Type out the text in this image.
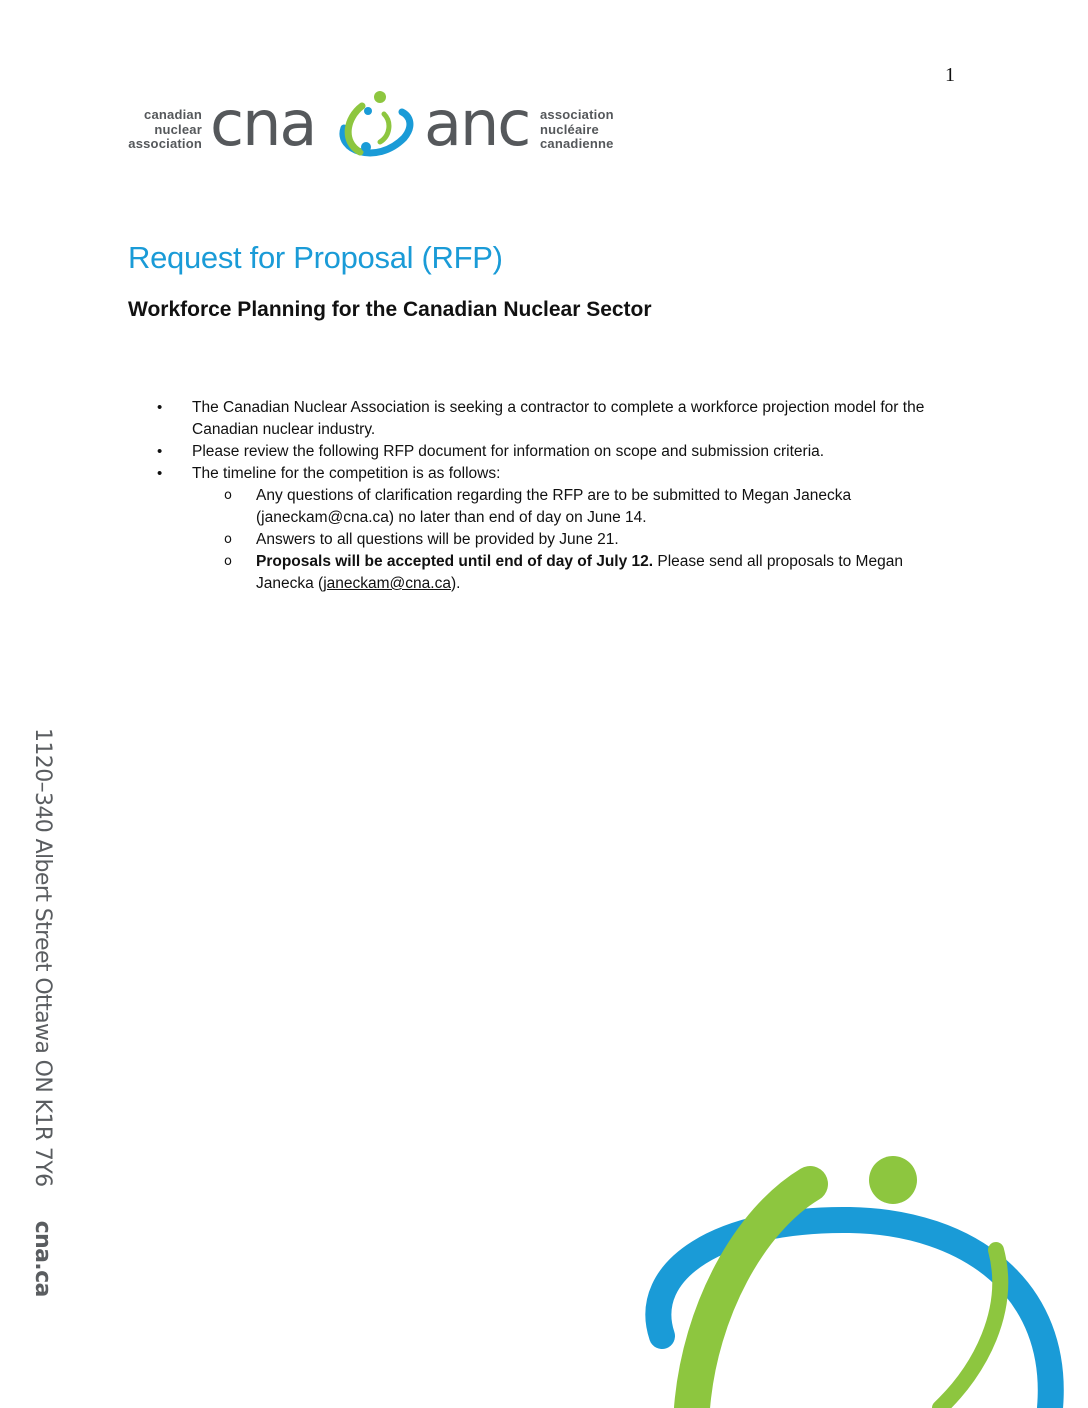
1
canadian
nuclear
association cna anc association
nucléaire
canadienne
Request for Proposal (RFP)
Workforce Planning for the Canadian Nuclear Sector
•	The Canadian Nuclear Association is seeking a contractor to complete a workforce projection model for the Canadian nuclear industry.
•	Please review the following RFP document for information on scope and submission criteria.
•	The timeline for the competition is as follows:
o	Any questions of clarification regarding the RFP are to be submitted to Megan Janecka (janeckam@cna.ca) no later than end of day on June 14.
o	Answers to all questions will be provided by June 21.
o	Proposals will be accepted until end of day of July 12. Please send all proposals to Megan Janecka (janeckam@cna.ca).
1120–340 Albert Street Ottawa ON K1R 7Y6cna.ca
